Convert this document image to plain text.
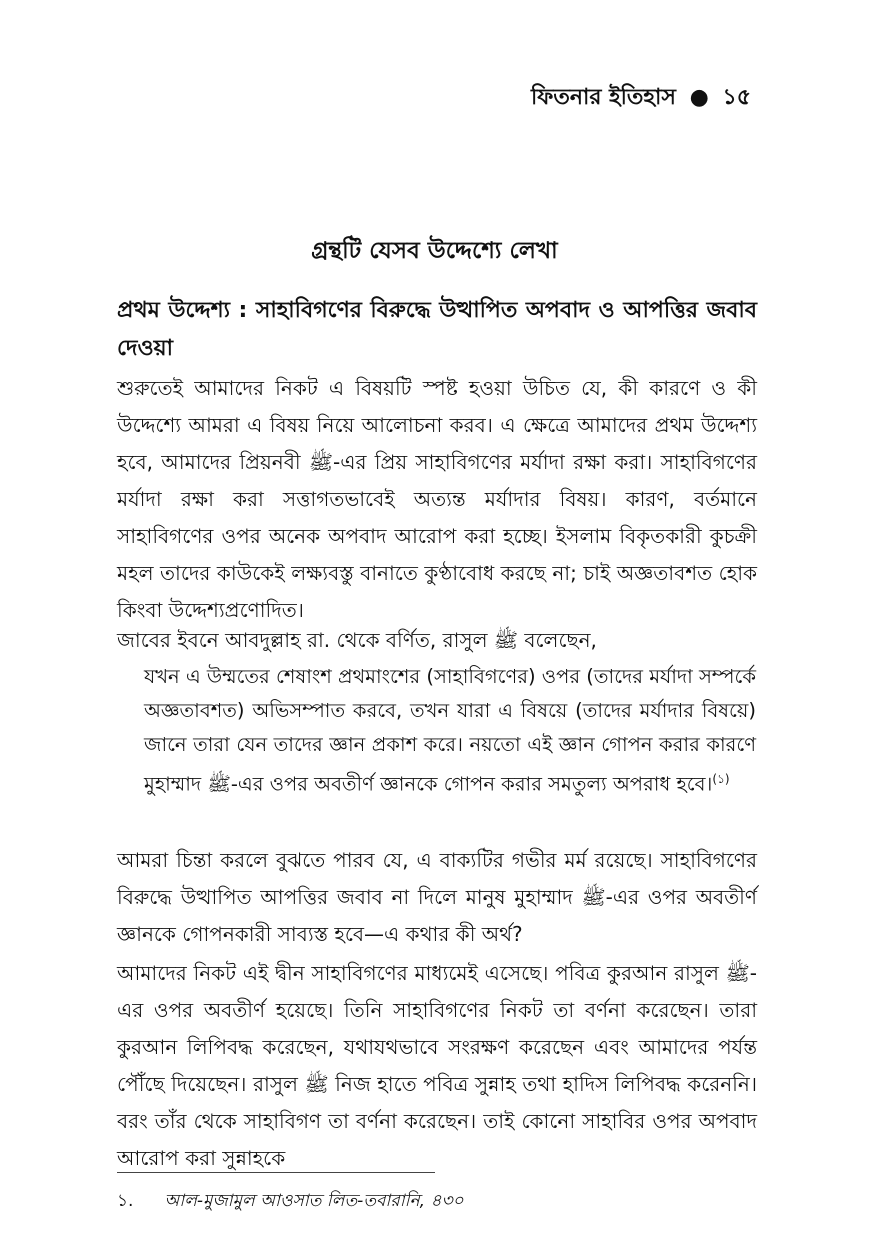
ফিতনার ইতিহাস ● ১৫
গ্রন্থটি যেসব উদ্দেশ্যে লেখা
প্রথম উদ্দেশ্য : সাহাবিগণের বিরুদ্ধে উত্থাপিত অপবাদ ও আপত্তির জবাব দেওয়া
শুরুতেই আমাদের নিকট এ বিষয়টি স্পষ্ট হওয়া উচিত যে, কী কারণে ও কী উদ্দেশ্যে আমরা এ বিষয় নিয়ে আলোচনা করব। এ ক্ষেত্রে আমাদের প্রথম উদ্দেশ্য হবে, আমাদের প্রিয়নবী ﷺ-এর প্রিয় সাহাবিগণের মর্যাদা রক্ষা করা। সাহাবিগণের মর্যাদা রক্ষা করা সত্তাগতভাবেই অত্যন্ত মর্যাদার বিষয়। কারণ, বর্তমানে সাহাবিগণের ওপর অনেক অপবাদ আরোপ করা হচ্ছে। ইসলাম বিকৃতকারী কুচক্রী মহল তাদের কাউকেই লক্ষ্যবস্তু বানাতে কুণ্ঠাবোধ করছে না; চাই অজ্ঞতাবশত হোক কিংবা উদ্দেশ্যপ্রণোদিত।
জাবের ইবনে আবদুল্লাহ রা. থেকে বর্ণিত, রাসুল ﷺ বলেছেন,
যখন এ উম্মতের শেষাংশ প্রথমাংশের (সাহাবিগণের) ওপর (তাদের মর্যাদা সম্পর্কে অজ্ঞতাবশত) অভিসম্পাত করবে, তখন যারা এ বিষয়ে (তাদের মর্যাদার বিষয়ে) জানে তারা যেন তাদের জ্ঞান প্রকাশ করে। নয়তো এই জ্ঞান গোপন করার কারণে মুহাম্মাদ ﷺ-এর ওপর অবতীর্ণ জ্ঞানকে গোপন করার সমতুল্য অপরাধ হবে।$^{(১)}$
আমরা চিন্তা করলে বুঝতে পারব যে, এ বাক্যটির গভীর মর্ম রয়েছে। সাহাবিগণের বিরুদ্ধে উত্থাপিত আপত্তির জবাব না দিলে মানুষ মুহাম্মাদ ﷺ-এর ওপর অবতীর্ণ জ্ঞানকে গোপনকারী সাব্যস্ত হবে—এ কথার কী অর্থ?
আমাদের নিকট এই দ্বীন সাহাবিগণের মাধ্যমেই এসেছে। পবিত্র কুরআন রাসুল ﷺ-এর ওপর অবতীর্ণ হয়েছে। তিনি সাহাবিগণের নিকট তা বর্ণনা করেছেন। তারা কুরআন লিপিবদ্ধ করেছেন, যথাযথভাবে সংরক্ষণ করেছেন এবং আমাদের পর্যন্ত পৌঁছে দিয়েছেন। রাসুল ﷺ নিজ হাতে পবিত্র সুন্নাহ তথা হাদিস লিপিবদ্ধ করেননি। বরং তাঁর থেকে সাহাবিগণ তা বর্ণনা করেছেন। তাই কোনো সাহাবির ওপর অপবাদ আরোপ করা সুন্নাহকে
১. আল-মুজামুল আওসাত লিত-তবারানি, ৪৩০
